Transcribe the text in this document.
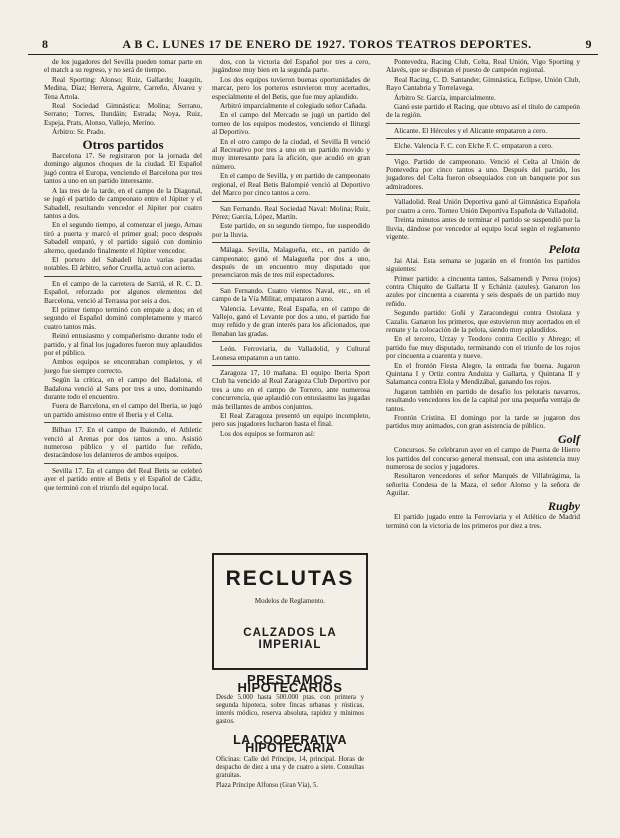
8	A B C. LUNES 17 DE ENERO DE 1927. TOROS TEATROS DEPORTES.	9

de los jugadores del Sevilla pueden tomar parte en el match a su regreso, y no será de tiempo.

Real Sporting: Alonso; Ruiz, Gallardo; Joaquín, Medina, Díaz; Herrera, Aguirre, Carreño, Álvarez y Tena Artola.

Real Sociedad Gimnástica: Molina; Serrano, Serrano; Torres, Ilundáin; Estrada; Noya, Ruiz, Espeja, Prats, Alonso, Vallejo, Merino.

Árbitro: Sr. Prado.

Otros partidos

Barcelona 17. Se registraron por la jornada del domingo algunos choques de la ciudad. El Español jugó contra el Europa, venciendo el Barcelona por tres tantos a uno en un partido interesante.

A las tres de la tarde, en el campo de la Diagonal, se jugó el partido de campeonato entre el Júpiter y el Sabadell, resultando vencedor el Júpiter por cuatro tantos a dos.

En el segundo tiempo, al comenzar el juego, Arnau tiró a puerta y marcó el primer goal; poco después Sabadell empató, y el partido siguió con dominio alterno, quedando finalmente el Júpiter vencedor.

El portero del Sabadell hizo varias paradas notables. El árbitro, señor Cruella, actuó con acierto.

En el campo de la carretera de Sarriá, el R. C. D. Español, reforzado por algunos elementos del Barcelona, venció al Terrassa por seis a dos.

El primer tiempo terminó con empate a dos; en el segundo el Español dominó completamente y marcó cuatro tantos más.

Reinó entusiasmo y compañerismo durante todo el partido, y al final los jugadores fueron muy aplaudidos por el público.

Ambos equipos se encontraban completos, y el juego fue siempre correcto.

Según la crítica, en el campo del Badalona, el Badalona venció al Sans por tres a uno, dominando durante todo el encuentro.

Fuera de Barcelona, en el campo del Iberia, se jugó un partido amistoso entre el Iberia y el Celta.

Bilbao 17. En el campo de Ibaiondo, el Athletic venció al Arenas por dos tantos a uno. Asistió numeroso público y el partido fue reñido, destacándose los delanteros de ambos equipos.

Sevilla 17. En el campo del Real Betis se celebró ayer el partido entre el Betis y el Español de Cádiz, que terminó con el triunfo del equipo local.

dos, con la victoria del Español por tres a cero, jugándose muy bien en la segunda parte.

Los dos equipos tuvieron buenas oportunidades de marcar, pero los porteros estuvieron muy acertados, especialmente el del Betis, que fue muy aplaudido.

Arbitró imparcialmente el colegiado señor Cañada.

En el campo del Mercado se jugó un partido del torneo de los equipos modestos, venciendo el Iliturgi al Deportivo.

En el otro campo de la ciudad, el Sevilla B venció al Recreativo por tres a uno en un partido movido y muy interesante para la afición, que acudió en gran número.

En el campo de Sevilla, y en partido de campeonato regional, el Real Betis Balompié venció al Deportivo del Marco por cinco tantos a cero.

San Fernando. Real Sociedad Naval: Molina; Ruiz, Pérez; García, López, Martín.

Este partido, en su segundo tiempo, fue suspendido por la lluvia.

Málaga. Sevilla, Malagueña, etc., en partido de campeonato; ganó el Malagueña por dos a uno, después de un encuentro muy disputado que presenciaron más de tres mil espectadores.

San Fernando. Cuatro vientos Naval, etc., en el campo de la Vía Militar, empataron a uno.

Valencia. Levante, Real España, en el campo de Vallejo, ganó el Levante por dos a uno, el partido fue muy reñido y de gran interés para los aficionados, que llenaban las gradas.

León. Ferroviaria, de Valladolid, y Cultural Leonesa empataron a un tanto.

Zaragoza 17, 10 mañana. El equipo Iberia Sport Club ha vencido al Real Zaragoza Club Deportivo por tres a uno en el campo de Torrero, ante numerosa concurrencia, que aplaudió con entusiasmo las jugadas más brillantes de ambos conjuntos.

El Real Zaragoza presentó un equipo incompleto, pero sus jugadores lucharon hasta el final.

Los dos equipos se formaron así:

RECLUTAS
Modelos de Reglamento.
CALZADOS LA IMPERIAL
PRESTAMOS HIPOTECARIOS
Desde 5.000 hasta 500.000 ptas. con primera y segunda hipoteca, sobre fincas urbanas y rústicas, interés módico, reserva absoluta, rapidez y mínimos gastos.
LA COOPERATIVA HIPOTECARIA
Oficinas: Calle del Príncipe, 14, principal. Horas de despacho de diez a una y de cuatro a siete. Consultas gratuitas.
Plaza Príncipe Alfonso (Gran Vía), 5.

Pontevedra, Racing Club, Celta, Real Unión, Vigo Sporting y Alavés, que se disputan el puesto de campeón regional.

Real Racing, C. D. Santander, Gimnástica, Eclipse, Unión Club, Rayo Cantabria y Torrelavega.

Árbitro Sr. García, imparcialmente.

Ganó este partido el Racing, que obtuvo así el título de campeón de la región.

Alicante. El Hércules y el Alicante empataron a cero.

Elche. Valencia F. C. con Elche F. C. empataron a cero.

Vigo. Partido de campeonato. Venció el Celta al Unión de Pontevedra por cinco tantos a uno. Después del partido, los jugadores del Celta fueron obsequiados con un banquete por sus admiradores.

Valladolid. Real Unión Deportiva ganó al Gimnástica Española por cuatro a cero. Torneo Unión Deportiva Española de Valladolid.

Treinta minutos antes de terminar el partido se suspendió por la lluvia, dándose por vencedor al equipo local según el reglamento vigente.

Pelota

Jai Alai. Esta semana se jugarán en el frontón los partidos siguientes:

Primer partido: a cincuenta tantos, Salsamendi y Perea (rojos) contra Chiquito de Gallarta II y Echániz (azules). Ganaron los azules por cincuenta a cuarenta y seis después de un partido muy reñido.

Segundo partido: Goñi y Zaracondegui contra Ostolaza y Cazalis. Ganaron los primeros, que estuvieron muy acertados en el remate y la colocación de la pelota, siendo muy aplaudidos.

En el tercero, Urzay y Teodoro contra Cecilio y Abrego; el partido fue muy disputado, terminando con el triunfo de los rojos por cincuenta a cuarenta y nueve.

En el frontón Fiesta Alegre, la entrada fue buena. Jugaron Quintana I y Ortiz contra Anduiza y Gallarta, y Quintana II y Salamanca contra Elola y Mendizábal, ganando los rojos.

Jugaron también en partido de desafío los pelotaris navarros, resultando vencedores los de la capital por una pequeña ventaja de tantos.

Frontón Cristina. El domingo por la tarde se jugaron dos partidos muy animados, con gran asistencia de público.

Golf

Concursos. Se celebraron ayer en el campo de Puerta de Hierro los partidos del concurso general mensual, con una asistencia muy numerosa de socios y jugadores.

Resultaron vencedores el señor Marqués de Villabrágima, la señorita Condesa de la Maza, el señor Alonso y la señora de Aguilar.

Rugby

El partido jugado entre la Ferroviaria y el Atlético de Madrid terminó con la victoria de los primeros por diez a tres.
